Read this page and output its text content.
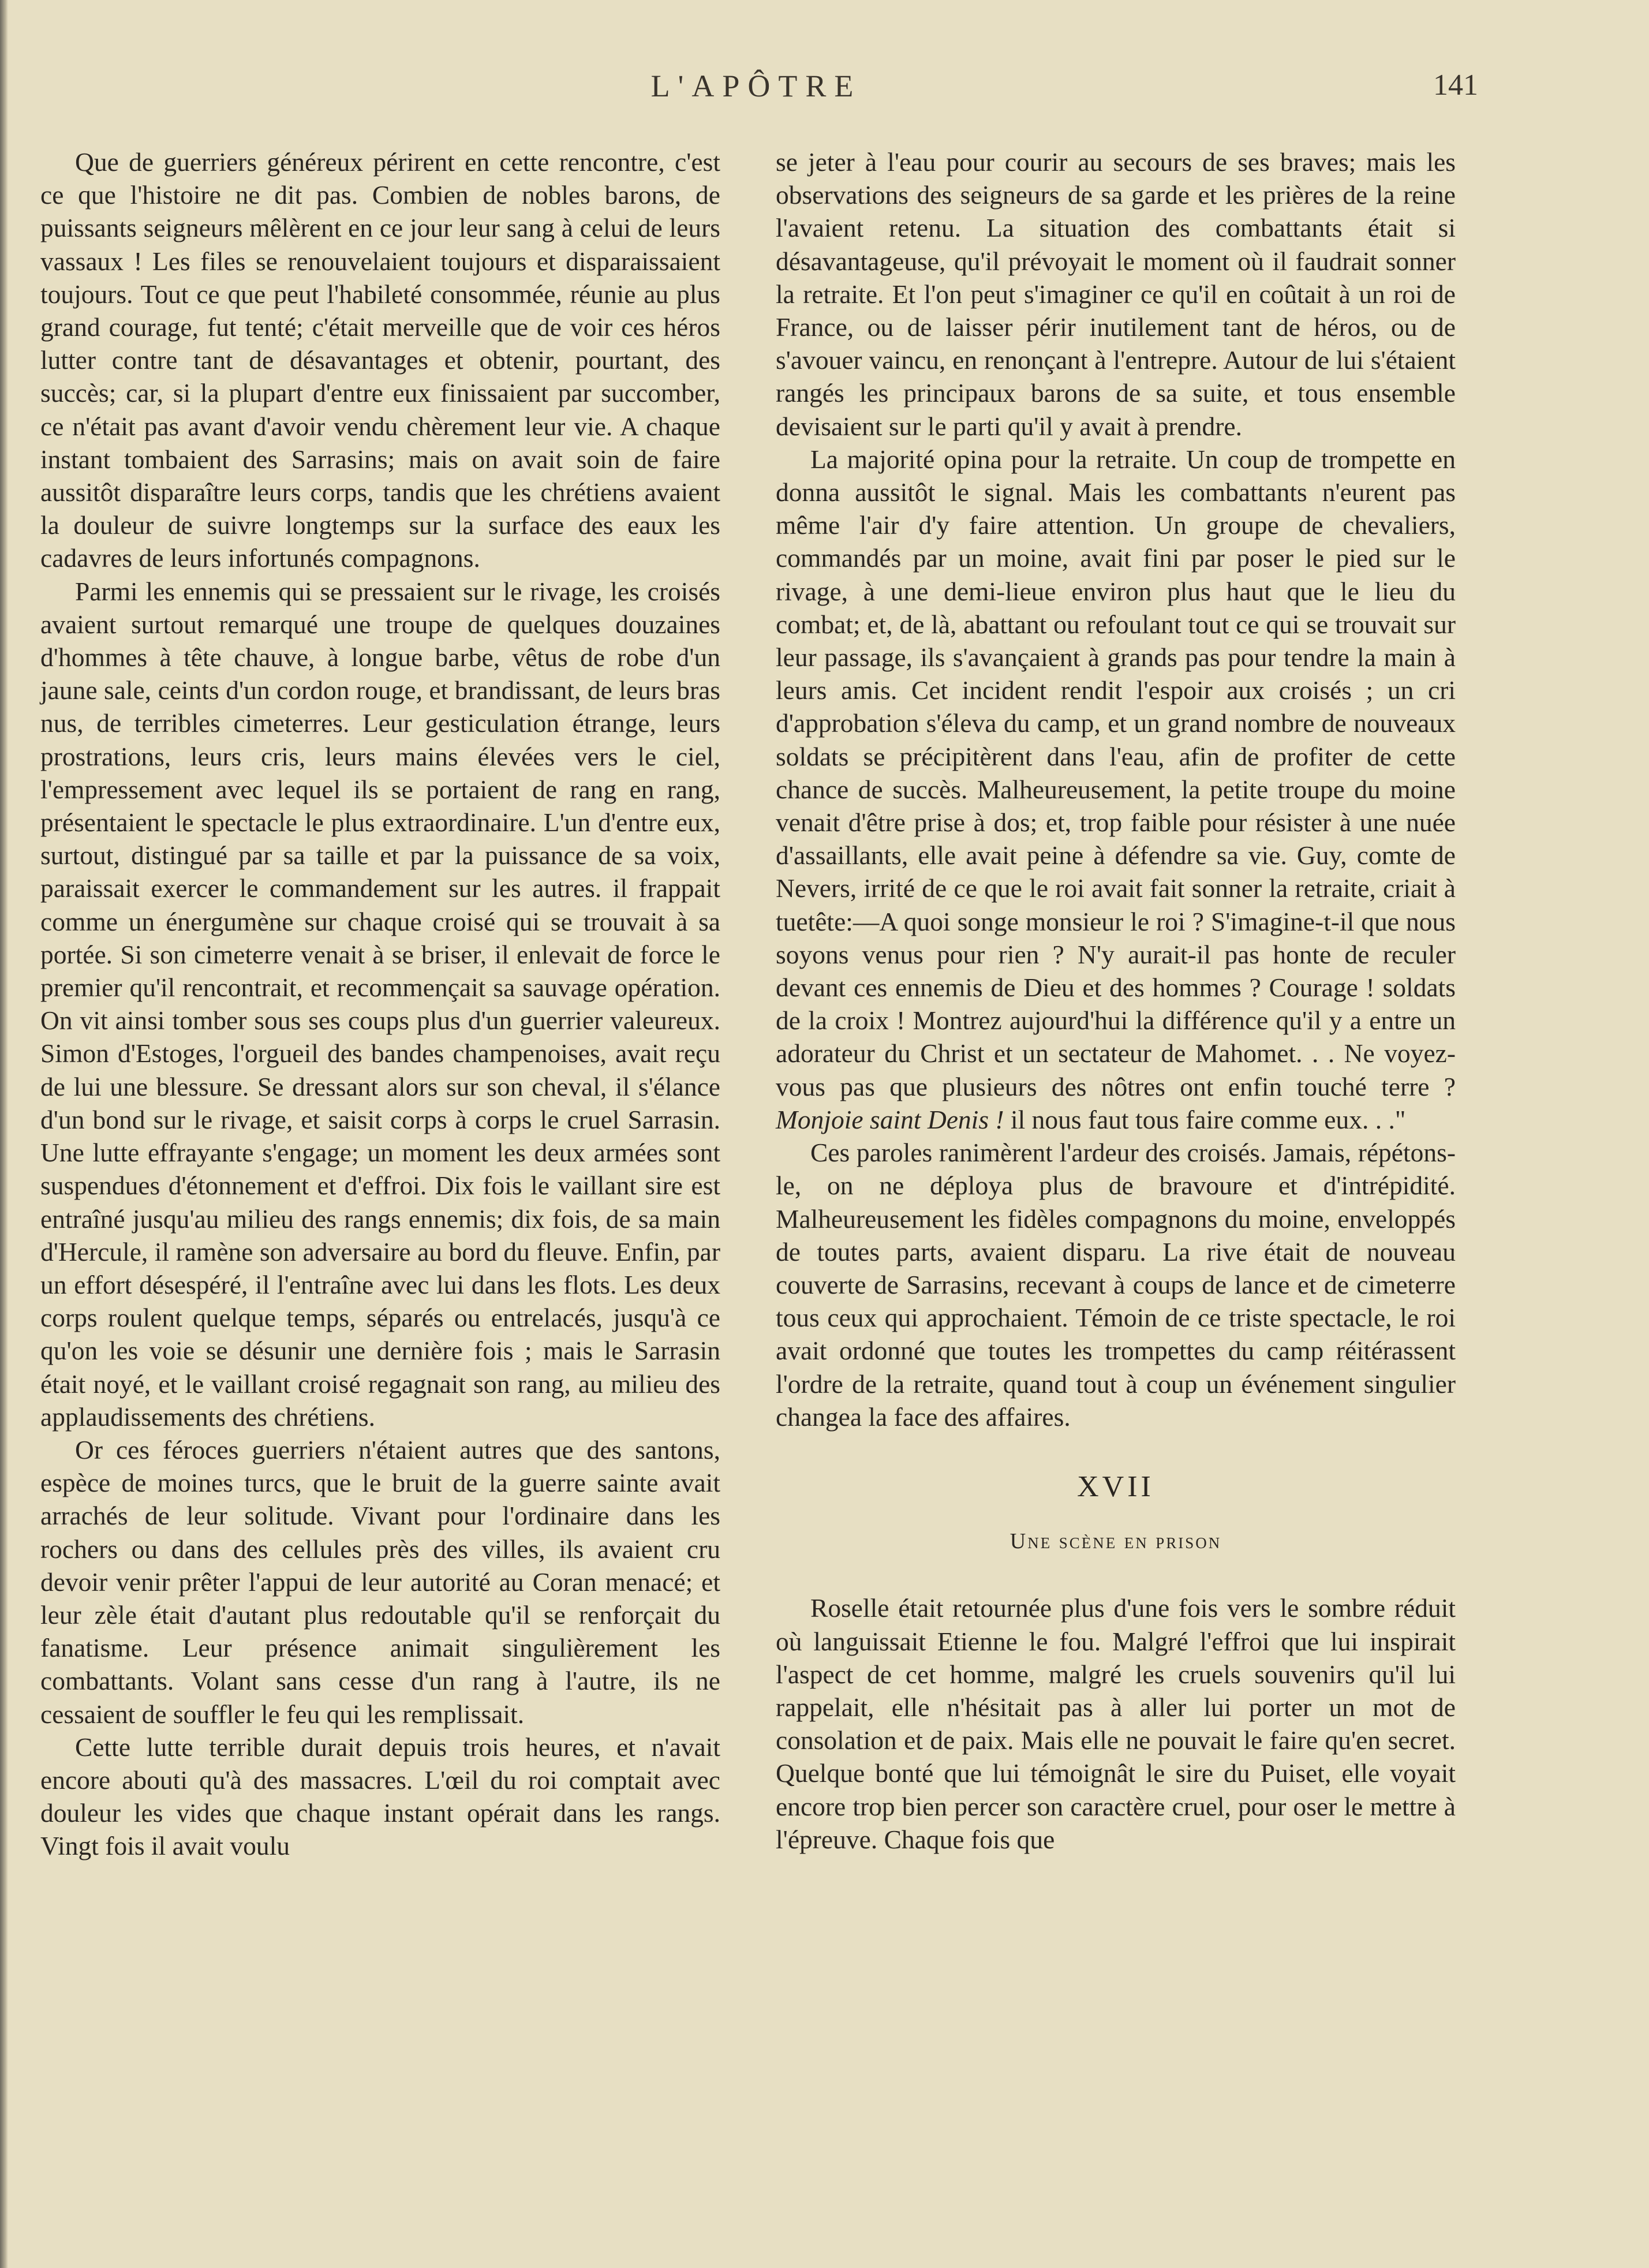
L'APÔTRE	141

Que de guerriers généreux périrent en cette rencontre, c'est ce que l'histoire ne dit pas. Combien de nobles barons, de puissants seigneurs mêlèrent en ce jour leur sang à celui de leurs vassaux ! Les files se renouvelaient toujours et disparaissaient toujours. Tout ce que peut l'habileté consommée, réunie au plus grand courage, fut tenté; c'était merveille que de voir ces héros lutter contre tant de désavantages et obtenir, pourtant, des succès; car, si la plupart d'entre eux finissaient par succomber, ce n'était pas avant d'avoir vendu chèrement leur vie. A chaque instant tombaient des Sarrasins; mais on avait soin de faire aussitôt disparaître leurs corps, tandis que les chrétiens avaient la douleur de suivre longtemps sur la surface des eaux les cadavres de leurs infortunés compagnons.

Parmi les ennemis qui se pressaient sur le rivage, les croisés avaient surtout remarqué une troupe de quelques douzaines d'hommes à tête chauve, à longue barbe, vêtus de robe d'un jaune sale, ceints d'un cordon rouge, et brandissant, de leurs bras nus, de terribles cimeterres. Leur gesticulation étrange, leurs prostrations, leurs cris, leurs mains élevées vers le ciel, l'empressement avec lequel ils se portaient de rang en rang, présentaient le spectacle le plus extraordinaire. L'un d'entre eux, surtout, distingué par sa taille et par la puissance de sa voix, paraissait exercer le commandement sur les autres. il frappait comme un énergumène sur chaque croisé qui se trouvait à sa portée. Si son cimeterre venait à se briser, il enlevait de force le premier qu'il rencontrait, et recommençait sa sauvage opération. On vit ainsi tomber sous ses coups plus d'un guerrier valeureux. Simon d'Estoges, l'orgueil des bandes champenoises, avait reçu de lui une blessure. Se dressant alors sur son cheval, il s'élance d'un bond sur le rivage, et saisit corps à corps le cruel Sarrasin. Une lutte effrayante s'engage; un moment les deux armées sont suspendues d'étonnement et d'effroi. Dix fois le vaillant sire est entraîné jusqu'au milieu des rangs ennemis; dix fois, de sa main d'Hercule, il ramène son adversaire au bord du fleuve. Enfin, par un effort désespéré, il l'entraîne avec lui dans les flots. Les deux corps roulent quelque temps, séparés ou entrelacés, jusqu'à ce qu'on les voie se désunir une dernière fois ; mais le Sarrasin était noyé, et le vaillant croisé regagnait son rang, au milieu des applaudissements des chrétiens.

Or ces féroces guerriers n'étaient autres que des santons, espèce de moines turcs, que le bruit de la guerre sainte avait arrachés de leur solitude. Vivant pour l'ordinaire dans les rochers ou dans des cellules près des villes, ils avaient cru devoir venir prêter l'appui de leur autorité au Coran menacé; et leur zèle était d'autant plus redoutable qu'il se renforçait du fanatisme. Leur présence animait singulièrement les combattants. Volant sans cesse d'un rang à l'autre, ils ne cessaient de souffler le feu qui les remplissait.

Cette lutte terrible durait depuis trois heures, et n'avait encore abouti qu'à des massacres. L'œil du roi comptait avec douleur les vides que chaque instant opérait dans les rangs. Vingt fois il avait voulu

se jeter à l'eau pour courir au secours de ses braves; mais les observations des seigneurs de sa garde et les prières de la reine l'avaient retenu. La situation des combattants était si désavantageuse, qu'il prévoyait le moment où il faudrait sonner la retraite. Et l'on peut s'imaginer ce qu'il en coûtait à un roi de France, ou de laisser périr inutilement tant de héros, ou de s'avouer vaincu, en renonçant à l'entrepre. Autour de lui s'étaient rangés les principaux barons de sa suite, et tous ensemble devisaient sur le parti qu'il y avait à prendre.

La majorité opina pour la retraite. Un coup de trompette en donna aussitôt le signal. Mais les combattants n'eurent pas même l'air d'y faire attention. Un groupe de chevaliers, commandés par un moine, avait fini par poser le pied sur le rivage, à une demi-lieue environ plus haut que le lieu du combat; et, de là, abattant ou refoulant tout ce qui se trouvait sur leur passage, ils s'avançaient à grands pas pour tendre la main à leurs amis. Cet incident rendit l'espoir aux croisés ; un cri d'approbation s'éleva du camp, et un grand nombre de nouveaux soldats se précipitèrent dans l'eau, afin de profiter de cette chance de succès. Malheureusement, la petite troupe du moine venait d'être prise à dos; et, trop faible pour résister à une nuée d'assaillants, elle avait peine à défendre sa vie. Guy, comte de Nevers, irrité de ce que le roi avait fait sonner la retraite, criait à tuetête:—A quoi songe monsieur le roi ? S'imagine-t-il que nous soyons venus pour rien ? N'y aurait-il pas honte de reculer devant ces ennemis de Dieu et des hommes ? Courage ! soldats de la croix ! Montrez aujourd'hui la différence qu'il y a entre un adorateur du Christ et un sectateur de Mahomet. . . Ne voyez-vous pas que plusieurs des nôtres ont enfin touché terre ? Monjoie saint Denis ! il nous faut tous faire comme eux. . ."

Ces paroles ranimèrent l'ardeur des croisés. Jamais, répétons-le, on ne déploya plus de bravoure et d'intrépidité. Malheureusement les fidèles compagnons du moine, enveloppés de toutes parts, avaient disparu. La rive était de nouveau couverte de Sarrasins, recevant à coups de lance et de cimeterre tous ceux qui approchaient. Témoin de ce triste spectacle, le roi avait ordonné que toutes les trompettes du camp réitérassent l'ordre de la retraite, quand tout à coup un événement singulier changea la face des affaires.

XVII
Une scène en prison

Roselle était retournée plus d'une fois vers le sombre réduit où languissait Etienne le fou. Malgré l'effroi que lui inspirait l'aspect de cet homme, malgré les cruels souvenirs qu'il lui rappelait, elle n'hésitait pas à aller lui porter un mot de consolation et de paix. Mais elle ne pouvait le faire qu'en secret. Quelque bonté que lui témoignât le sire du Puiset, elle voyait encore trop bien percer son caractère cruel, pour oser le mettre à l'épreuve. Chaque fois que
